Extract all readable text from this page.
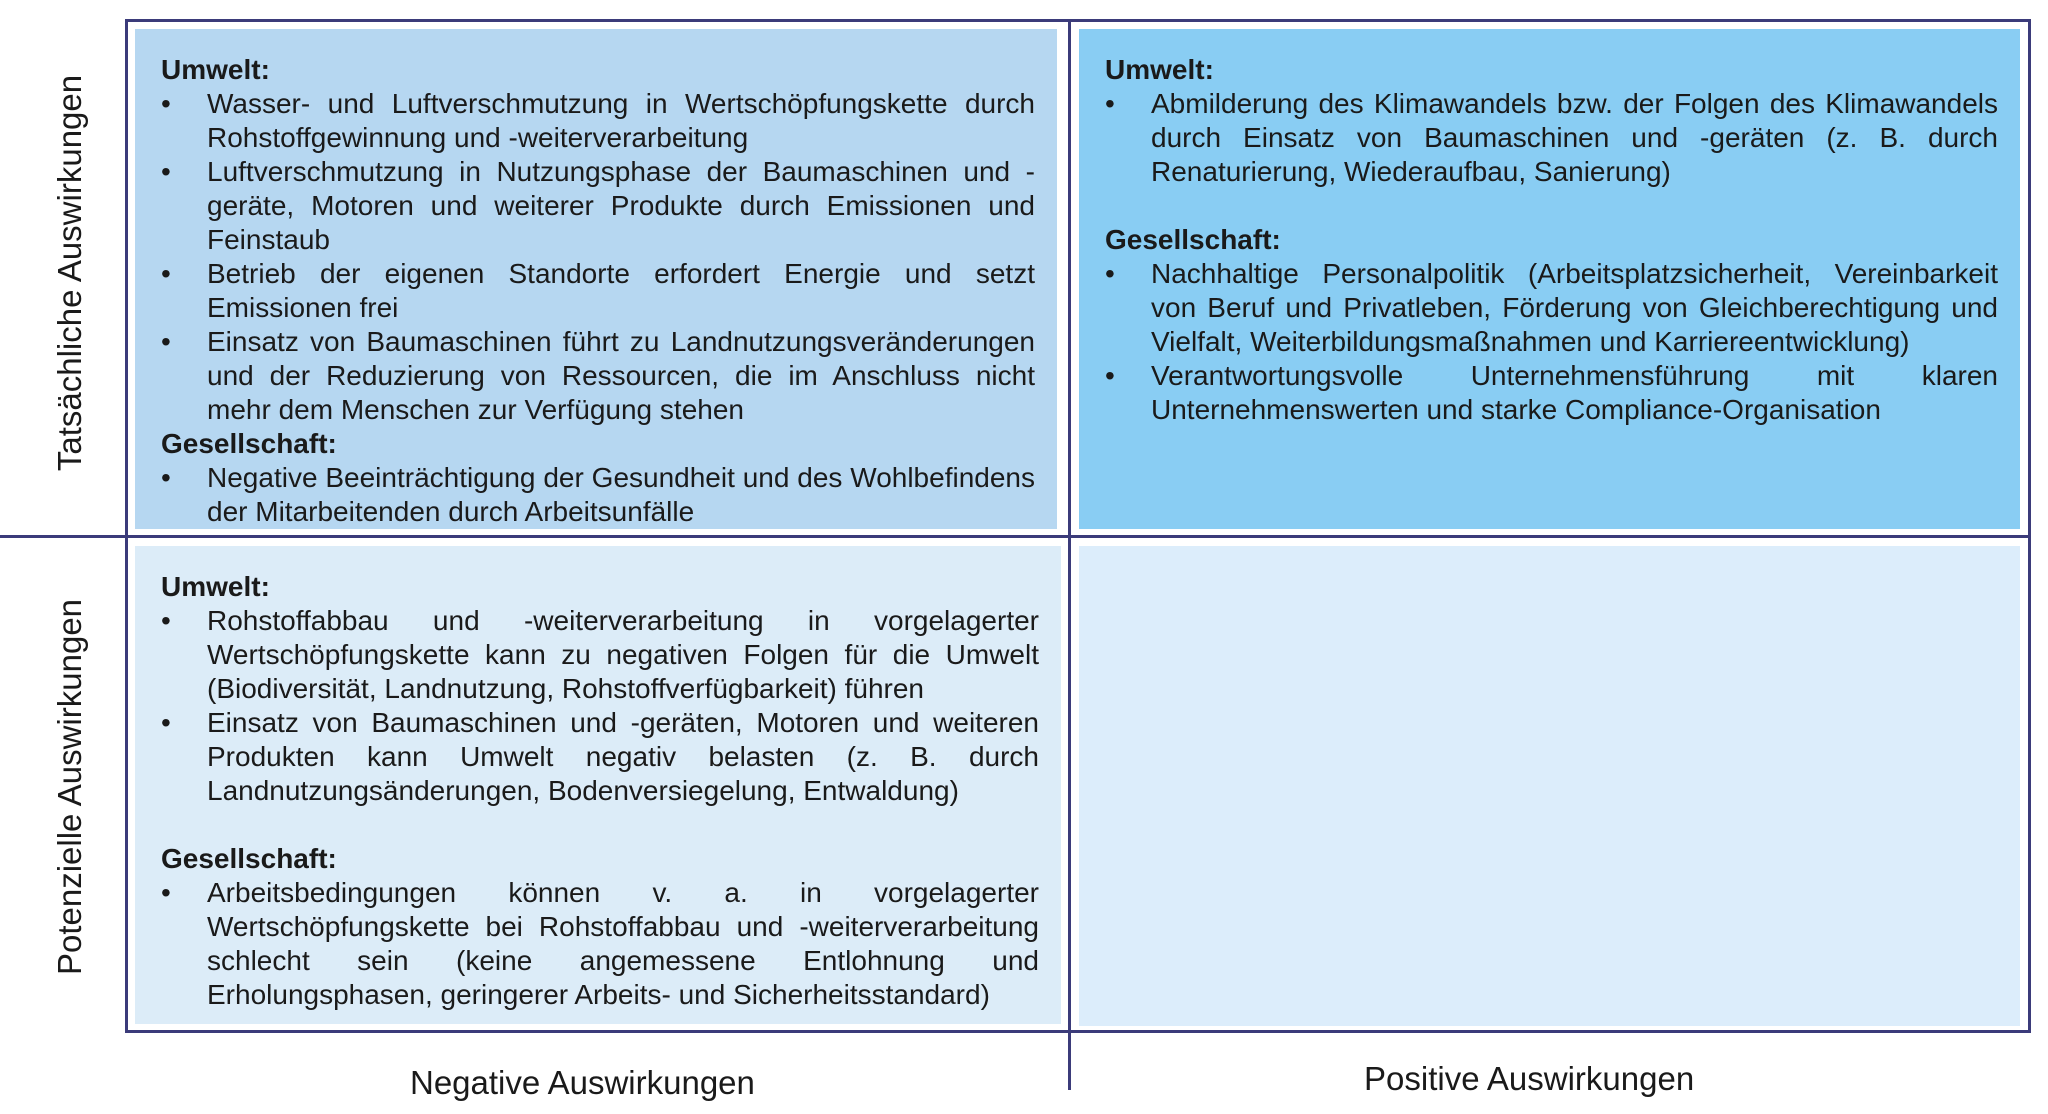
Umwelt:

• Wasser- und Luftverschmutzung in Wertschöpfungskette durch Rohstoffgewinnung und -weiterverarbeitung
• Luftverschmutzung in Nutzungsphase der Baumaschinen und -geräte, Motoren und weiterer Produkte durch Emissionen und Feinstaub
• Betrieb der eigenen Standorte erfordert Energie und setzt Emissionen frei
• Einsatz von Baumaschinen führt zu Landnutzungsveränderungen und der Reduzierung von Ressourcen, die im Anschluss nicht mehr dem Menschen zur Verfügung stehen

Gesellschaft:

• Negative Beeinträchtigung der Gesundheit und des Wohlbefindens der Mitarbeitenden durch Arbeitsunfälle

Umwelt:

• Abmilderung des Klimawandels bzw. der Folgen des Klimawandels durch Einsatz von Baumaschinen und -geräten (z. B. durch Renaturierung, Wiederaufbau, Sanierung)

Gesellschaft:

• Nachhaltige Personalpolitik (Arbeitsplatzsicherheit, Vereinbarkeit von Beruf und Privatleben, Förderung von Gleichberechtigung und Vielfalt, Weiterbildungsmaßnahmen und Karriereentwicklung)
• Verantwortungsvolle Unternehmensführung mit klaren Unternehmenswerten und starke Compliance-Organisation

Umwelt:

• Rohstoffabbau und -weiterverarbeitung in vorgelagerter Wertschöpfungskette kann zu negativen Folgen für die Umwelt (Biodiversität, Landnutzung, Rohstoffverfügbarkeit) führen
• Einsatz von Baumaschinen und -geräten, Motoren und weiteren Produkten kann Umwelt negativ belasten (z. B. durch Landnutzungsänderungen, Bodenversiegelung, Entwaldung)

Gesellschaft:

• Arbeitsbedingungen können v. a. in vorgelagerter Wertschöpfungskette bei Rohstoffabbau und -weiterverarbeitung schlecht sein (keine angemessene Entlohnung und Erholungsphasen, geringerer Arbeits- und Sicherheitsstandard)
Tatsächliche Auswirkungen
Potenzielle Auswirkungen
Negative Auswirkungen	Positive Auswirkungen
